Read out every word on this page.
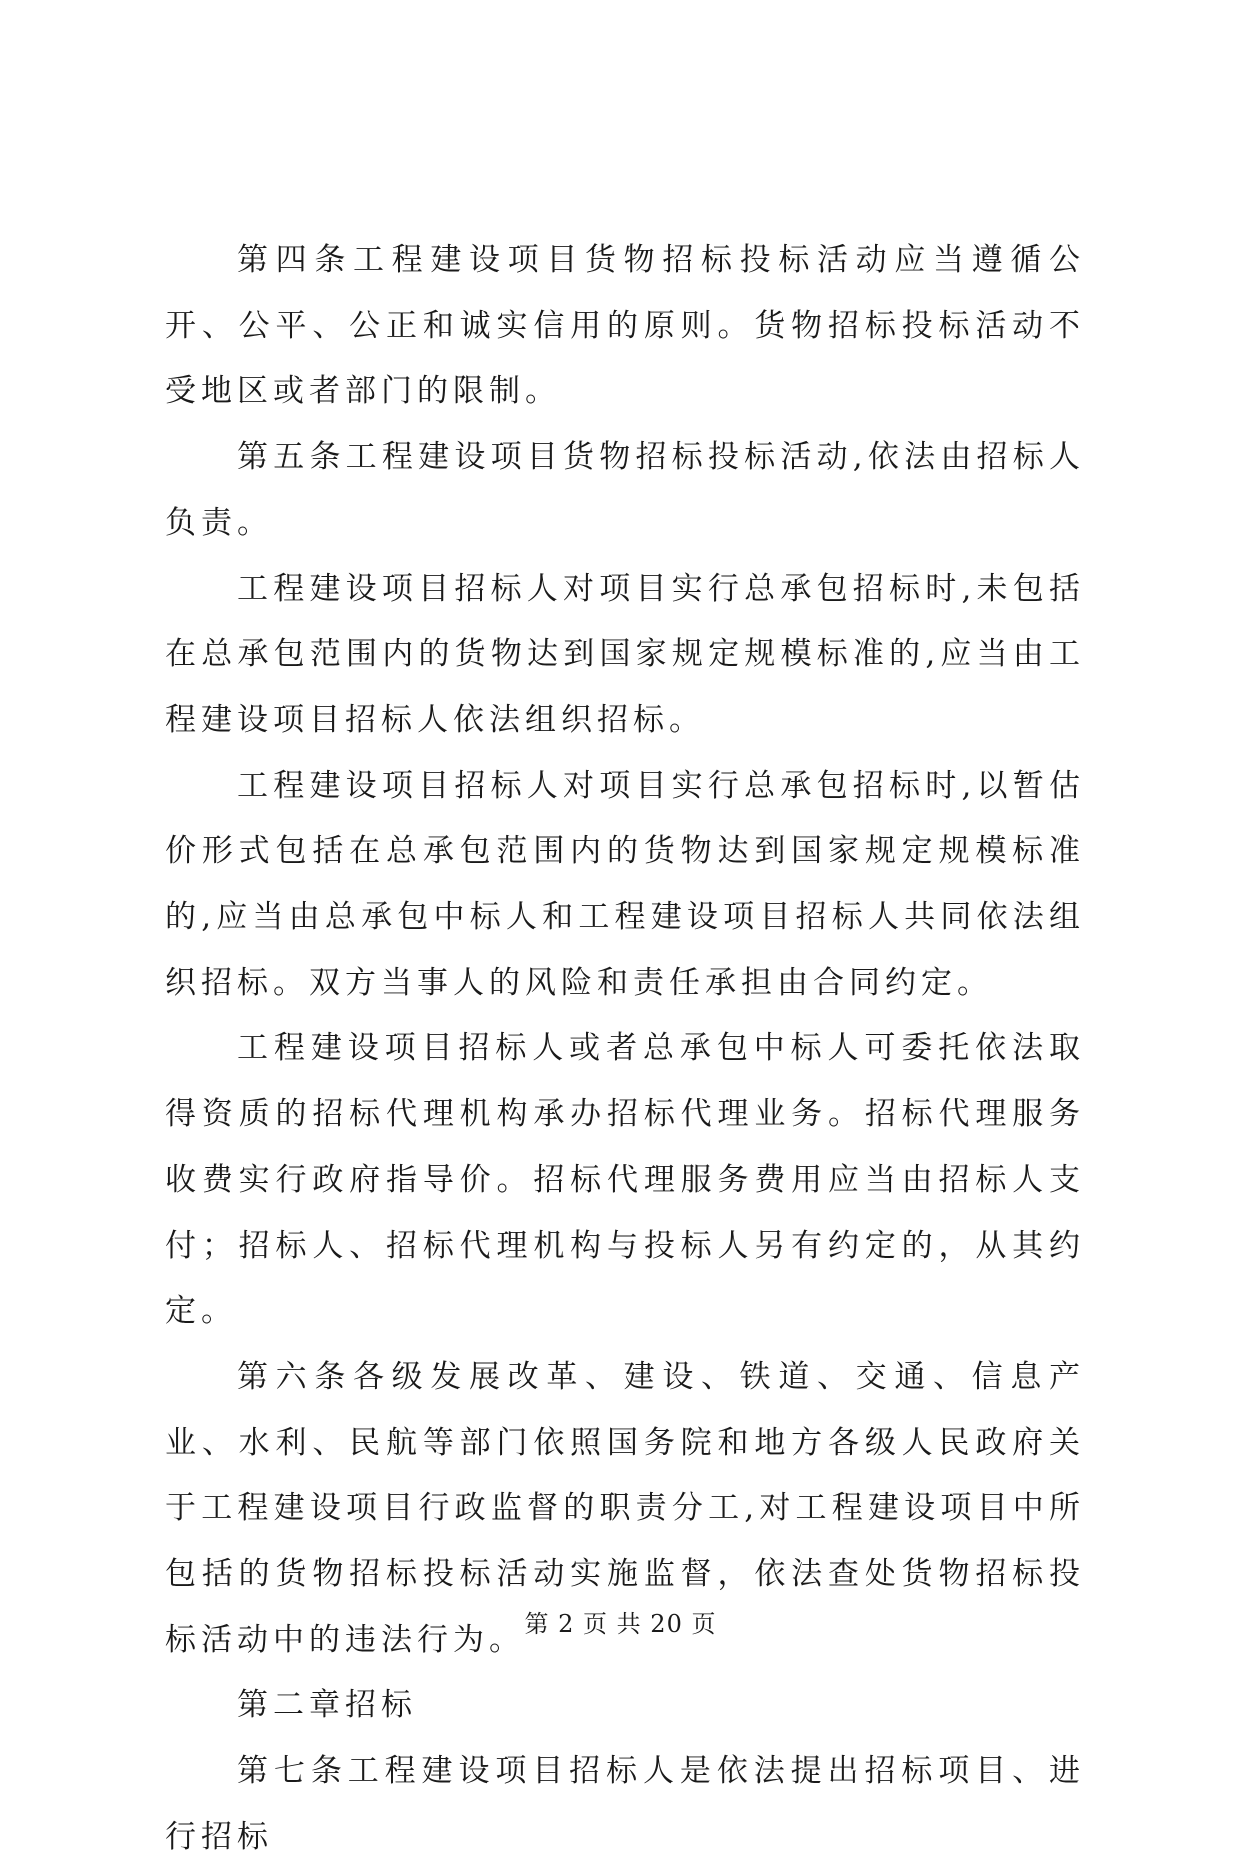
第四条工程建设项目货物招标投标活动应当遵循公开、公平、公正和诚实信用的原则。货物招标投标活动不受地区或者部门的限制。

第五条工程建设项目货物招标投标活动,依法由招标人负责。

工程建设项目招标人对项目实行总承包招标时,未包括在总承包范围内的货物达到国家规定规模标准的,应当由工程建设项目招标人依法组织招标。

工程建设项目招标人对项目实行总承包招标时,以暂估价形式包括在总承包范围内的货物达到国家规定规模标准的,应当由总承包中标人和工程建设项目招标人共同依法组织招标。双方当事人的风险和责任承担由合同约定。

工程建设项目招标人或者总承包中标人可委托依法取得资质的招标代理机构承办招标代理业务。招标代理服务收费实行政府指导价。招标代理服务费用应当由招标人支付；招标人、招标代理机构与投标人另有约定的，从其约定。

第六条各级发展改革、建设、铁道、交通、信息产业、水利、民航等部门依照国务院和地方各级人民政府关于工程建设项目行政监督的职责分工,对工程建设项目中所包括的货物招标投标活动实施监督，依法查处货物招标投标活动中的违法行为。

第二章招标

第七条工程建设项目招标人是依法提出招标项目、进行招标

第 2 页 共 20 页
